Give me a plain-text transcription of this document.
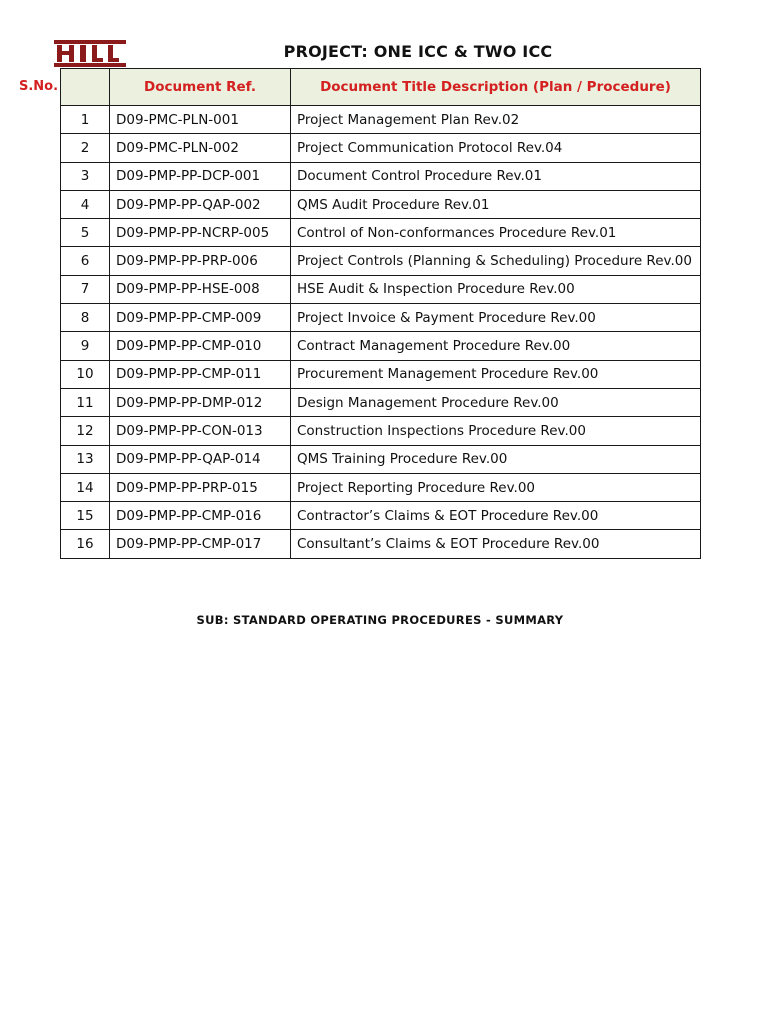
PROJECT: ONE ICC & TWO ICC
S.No.
		Document Ref.	Document Title Description (Plan / Procedure)
1	D09-PMC-PLN-001	Project Management Plan Rev.02
2	D09-PMC-PLN-002	Project Communication Protocol Rev.04
3	D09-PMP-PP-DCP-001	Document Control Procedure Rev.01
4	D09-PMP-PP-QAP-002	QMS Audit Procedure Rev.01
5	D09-PMP-PP-NCRP-005	Control of Non-conformances Procedure Rev.01
6	D09-PMP-PP-PRP-006	Project Controls (Planning & Scheduling) Procedure Rev.00
7	D09-PMP-PP-HSE-008	HSE Audit & Inspection Procedure Rev.00
8	D09-PMP-PP-CMP-009	Project Invoice & Payment Procedure Rev.00
9	D09-PMP-PP-CMP-010	Contract Management Procedure Rev.00
10	D09-PMP-PP-CMP-011	Procurement Management Procedure Rev.00
11	D09-PMP-PP-DMP-012	Design Management Procedure Rev.00
12	D09-PMP-PP-CON-013	Construction Inspections Procedure Rev.00
13	D09-PMP-PP-QAP-014	QMS Training Procedure Rev.00
14	D09-PMP-PP-PRP-015	Project Reporting Procedure Rev.00
15	D09-PMP-PP-CMP-016	Contractor’s Claims & EOT Procedure Rev.00
16	D09-PMP-PP-CMP-017	Consultant’s Claims & EOT Procedure Rev.00
SUB: STANDARD OPERATING PROCEDURES - SUMMARY
